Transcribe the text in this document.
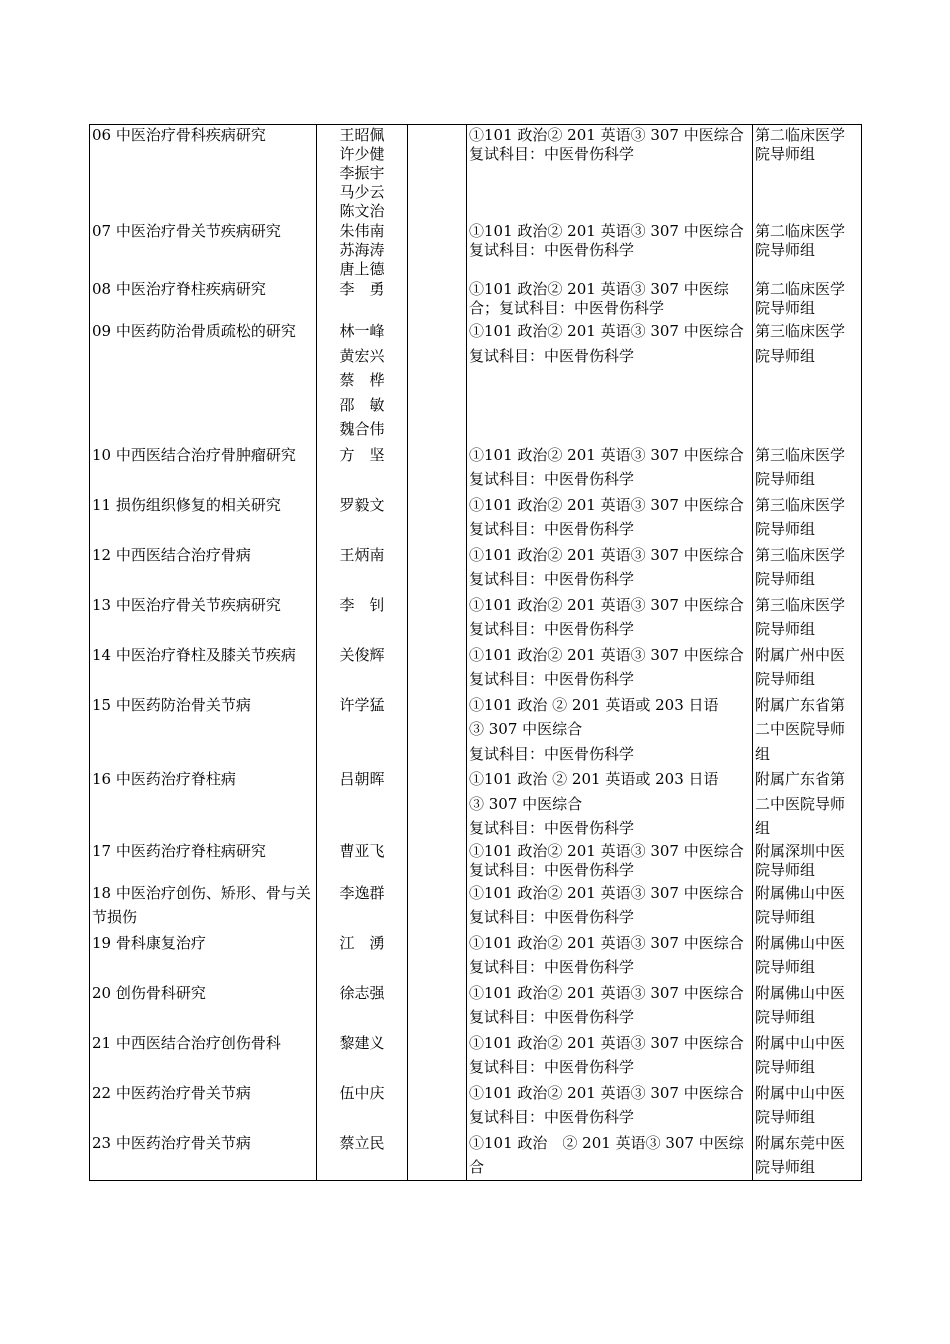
06 中医治疗骨科疾病研究	王昭佩
许少健
李振宇
马少云
陈文治		①101 政治② 201 英语③ 307 中医综合
复试科目：中医骨伤科学	第二临床医学
院导师组

07 中医治疗骨关节疾病研究	朱伟南
苏海涛
唐上德		①101 政治② 201 英语③ 307 中医综合
复试科目：中医骨伤科学	第二临床医学
院导师组

08 中医治疗脊柱疾病研究	李　勇		①101 政治② 201 英语③ 307 中医综
合；复试科目：中医骨伤科学	第二临床医学
院导师组

09 中医药防治骨质疏松的研究	林一峰
黄宏兴
蔡　桦
邵　敏
魏合伟		①101 政治② 201 英语③ 307 中医综合
复试科目：中医骨伤科学	第三临床医学
院导师组

10 中西医结合治疗骨肿瘤研究	方　坚		①101 政治② 201 英语③ 307 中医综合
复试科目：中医骨伤科学	第三临床医学
院导师组

11 损伤组织修复的相关研究	罗毅文		①101 政治② 201 英语③ 307 中医综合
复试科目：中医骨伤科学	第三临床医学
院导师组

12 中西医结合治疗骨病	王炳南		①101 政治② 201 英语③ 307 中医综合
复试科目：中医骨伤科学	第三临床医学
院导师组

13 中医治疗骨关节疾病研究	李　钊		①101 政治② 201 英语③ 307 中医综合
复试科目：中医骨伤科学	第三临床医学
院导师组

14 中医治疗脊柱及膝关节疾病	关俊辉		①101 政治② 201 英语③ 307 中医综合
复试科目：中医骨伤科学	附属广州中医
院导师组

15 中医药防治骨关节病	许学猛		①101 政治 ② 201 英语或 203 日语
③ 307 中医综合
复试科目：中医骨伤科学	附属广东省第
二中医院导师
组

16 中医药治疗脊柱病	吕朝晖		①101 政治 ② 201 英语或 203 日语
③ 307 中医综合
复试科目：中医骨伤科学	附属广东省第
二中医院导师
组

17 中医药治疗脊柱病研究	曹亚飞		①101 政治② 201 英语③ 307 中医综合
复试科目：中医骨伤科学	附属深圳中医
院导师组

18 中医治疗创伤、矫形、骨与关节损伤	李逸群		①101 政治② 201 英语③ 307 中医综合
复试科目：中医骨伤科学	附属佛山中医
院导师组

19 骨科康复治疗	江　湧		①101 政治② 201 英语③ 307 中医综合
复试科目：中医骨伤科学	附属佛山中医
院导师组

20 创伤骨科研究	徐志强		①101 政治② 201 英语③ 307 中医综合
复试科目：中医骨伤科学	附属佛山中医
院导师组

21 中西医结合治疗创伤骨科	黎建义		①101 政治② 201 英语③ 307 中医综合
复试科目：中医骨伤科学	附属中山中医
院导师组

22 中医药治疗骨关节病	伍中庆		①101 政治② 201 英语③ 307 中医综合
复试科目：中医骨伤科学	附属中山中医
院导师组

23 中医药治疗骨关节病	蔡立民		①101 政治　② 201 英语③ 307 中医综
合	附属东莞中医
院导师组
